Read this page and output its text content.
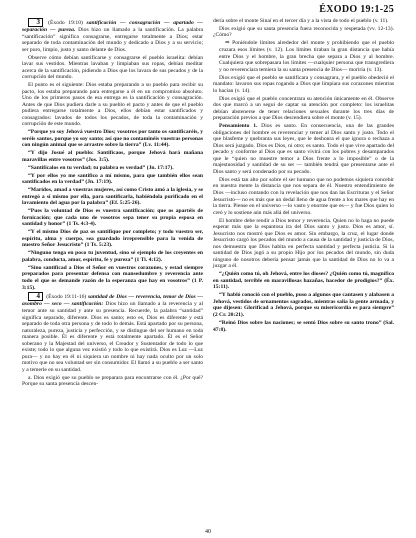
ÉXODO 19:1-25

3 (Éxodo 19:10) santificación — consagración — apartado — separación — pureza. Dios hizo un llamado a la santificación. La palabra “santificación” significa consagrarse, entregarse totalmente a Dios; estar separado de toda contaminación del mundo y dedicado a Dios y a su servicio; ser puro, limpio, justo y santo delante de Dios.

Observe cómo debían santificarse y consagrarse el pueblo israelita: debían lavar sus vestidos. Mientras lavaban y limpiaban sus ropas, debían meditar acerca de la santificación, pidiendo a Dios que los lavara de sus pecados y de la corrupción del mundo.

El punto es el siguiente: Dios estaba preparando a su pueblo para recibir su pacto, los estaba preparando para entregarse a él en un compromiso absoluto. Uno de los primeros pasos de esa entrega es la santificación y consagración. Antes de que Dios pudiera darle a su pueblo el pacto y antes de que el pueblo pudiera entregarse totalmente a Dios, ellos debían estar santificados y consagrados: lavados de todos los pecados, de toda la contaminación y corrupción de este mundo.

“Porque yo soy Jehová vuestro Dios; vosotros por tanto os santificaréis, y seréis santos, porque yo soy santo; así que no contaminéis vuestras personas con ningún animal que se arrastre sobre la tierra” (Lv. 11:44).

“Y dijo Josué al pueblo: Santificaos, porque Jehová hará mañana maravillas entre vosotros” (Jos. 3:5).

“Santifícalos en tu verdad; tu palabra es verdad” (Jn. 17:17).

“Y por ellos yo me santifico a mí mismo, para que también ellos sean santificados en la verdad” (Jn. 17:19).

“Maridos, amad a vuestras mujeres, así como Cristo amó a la iglesia, y se entregó a sí mismo por ella, para santificarla, habiéndola purificado en el lavamiento del agua por la palabra” (Ef. 5:25-26).

“Pues la voluntad de Dios es vuestra santificación; que os apartéis de fornicación; que cada uno de vosotros sepa tener su propia esposa en santidad y honor” (1 Ts. 4:3-4).

“Y el mismo Dios de paz os santifique por completo; y todo vuestro ser, espíritu, alma y cuerpo, sea guardado irreprensible para la venida de nuestro Señor Jesucristo” (1 Ts. 5:23).

“Ninguno tenga en poco tu juventud, sino sé ejemplo de los creyentes en palabra, conducta, amor, espíritu, fe y pureza” (1 Ti. 4:12).

“Sino santificad a Dios el Señor en vuestros corazones, y estad siempre preparados para presentar defensa con mansedumbre y reverencia ante todo el que os demande razón de la esperanza que hay en vosotros” (1 P. 3:15).

4 (Éxodo 19:11-16) santidad de Dios — reverencia, temor de Dios — asombro — seco — santificación: Dios hizo un llamado a la reverencia y al temor ante su santidad y ante su presencia. Recuerde, la palabra “santidad” significa separado, diferente. Dios es santo; esto es, Dios es diferente y está separado de toda otra persona y de todo lo demás. Está apartado por su persona, naturaleza, pureza, justicia y perfección, y se distingue del ser humano en toda manera posible. Él es diferente y está totalmente apartado. Él es el Señor soberano y la Majestad del universo, el Creador y Sustentador de todo lo que existe; todo lo que alguna vez existió y todo lo que existirá. Dios es Luz —Luz pura— y no hay en él ni siquiera un nombre ni hay nada oculto por un solo motivo que no sea voluntad ser sin consumidor. El llamó a su pueblo a ser santo y a temerle en su santidad.

a. Dios exigió que su pueblo se preparara para encontrarse con él. ¿Por qué? Porque su santa presencia descen-

dería sobre el monte Sinaí en el tercer día y a la vista de todo el pueblo (v. 11).

Dios exigió que su santa presencia fuera reconocida y respetada (vv. 12-13). ¿Cómo?

⇒ Poniéndole límites alrededor del monte y prohibiendo que el pueblo cruzara esos límites (v. 12). Los límites tiraban la gran distancia que había entre Dios y el hombre, la gran brecha que separa a Dios y al hombre. Cualquiera que sobrepasara los límites —cualquier persona que transgrediera y no reverenciara temiera la su santa presencia de Dios— moriría (v. 13).

Dios exigió que el pueblo se santificara y consagrara, y el pueblo obedeció el mandato: lavaron sus ropas rogando a Dios que limpiara sus corazones mientras lo hacían (v. 14).

Dios exigió que el pueblo concentrara su atención únicamente en él. Observe dos que marcó a un segui de captar su atención por completo: los israelitas debían abstenerse de tener relaciones sexuales durante los tres días de preparación previos a que Dios descendiera sobre el monte (v. 15).

Pensamiento 1. Dios es santo. En consecuencia, una de las grandes obligaciones del hombre es reverenciar y temer al Dios santo y justo. Todo el que blasfeme y quebranta sus leyes, que le deshonra el que ignora o rechaza a Dios será juzgado. Dios es Dios, ni otro; es santo. Todo el que vive apartado del pecado y conforme al Dios que es santo vivirá con los pobres y desamparados que le “quien no muestre temor a Dios frente a lo imposible” o de la majestuosidad y santidad de su ser — también tendrá que presentarse ante el Dios santo y será condenado por su pecado.

Dios está tan alto por sobre el ser humano que no podemos siquiera concebir en nuestra mente la distancia que nos separa de él. Nuestro entendimiento de Dios —incluso contando con la revelación que nos dan las Escrituras y el Señor Jesucristo— no es más que un dedal lleno de agua frente a los mares que hay en la tierra. Piense en el universo —lo vasto y enorme que es— y fue Dios quien lo creó y lo sostiene aún más allá del universo.

El hombre debe rendir a Dios temor y reverencia. Quien no lo haga no puede esperar más que la espantosa ira del Dios santo y justo. Dios es amor, sí. Jesucristo nos mostró que Dios es amor. Sin embargo, la cruz, el lugar donde Jesucristo cargó los pecados del mundo a causa de la santidad y justicia de Dios, nos demuestra que Dios habita en perfecta santidad y perfecta justicia. Si la santidad de Dios jugó a su propio Hijo por los pecados del mundo, sin duda ninguno de nosotros debería pensar jamás que la santidad de Dios no lo va a juzgar a él.

“¿Quién como tú, oh Jehová, entre los dioses? ¿Quién como tú, magnífico en santidad, terrible en maravillosas hazañas, hacedor de prodigios?” (Éx. 15:11).

“Y habló conoció con el pueblo, puso a algunos que cantasen y alabasen a Jehová, vestidos de ornamentos sagrados, mientras salía la gente armada, y que dijesen: Glorificad a Jehová, porque su misericordia es para siempre” (2 Cr. 20:21).

“Reinó Dios sobre las naciones; se sentó Dios sobre su santo trono” (Sal. 47:8).

40
